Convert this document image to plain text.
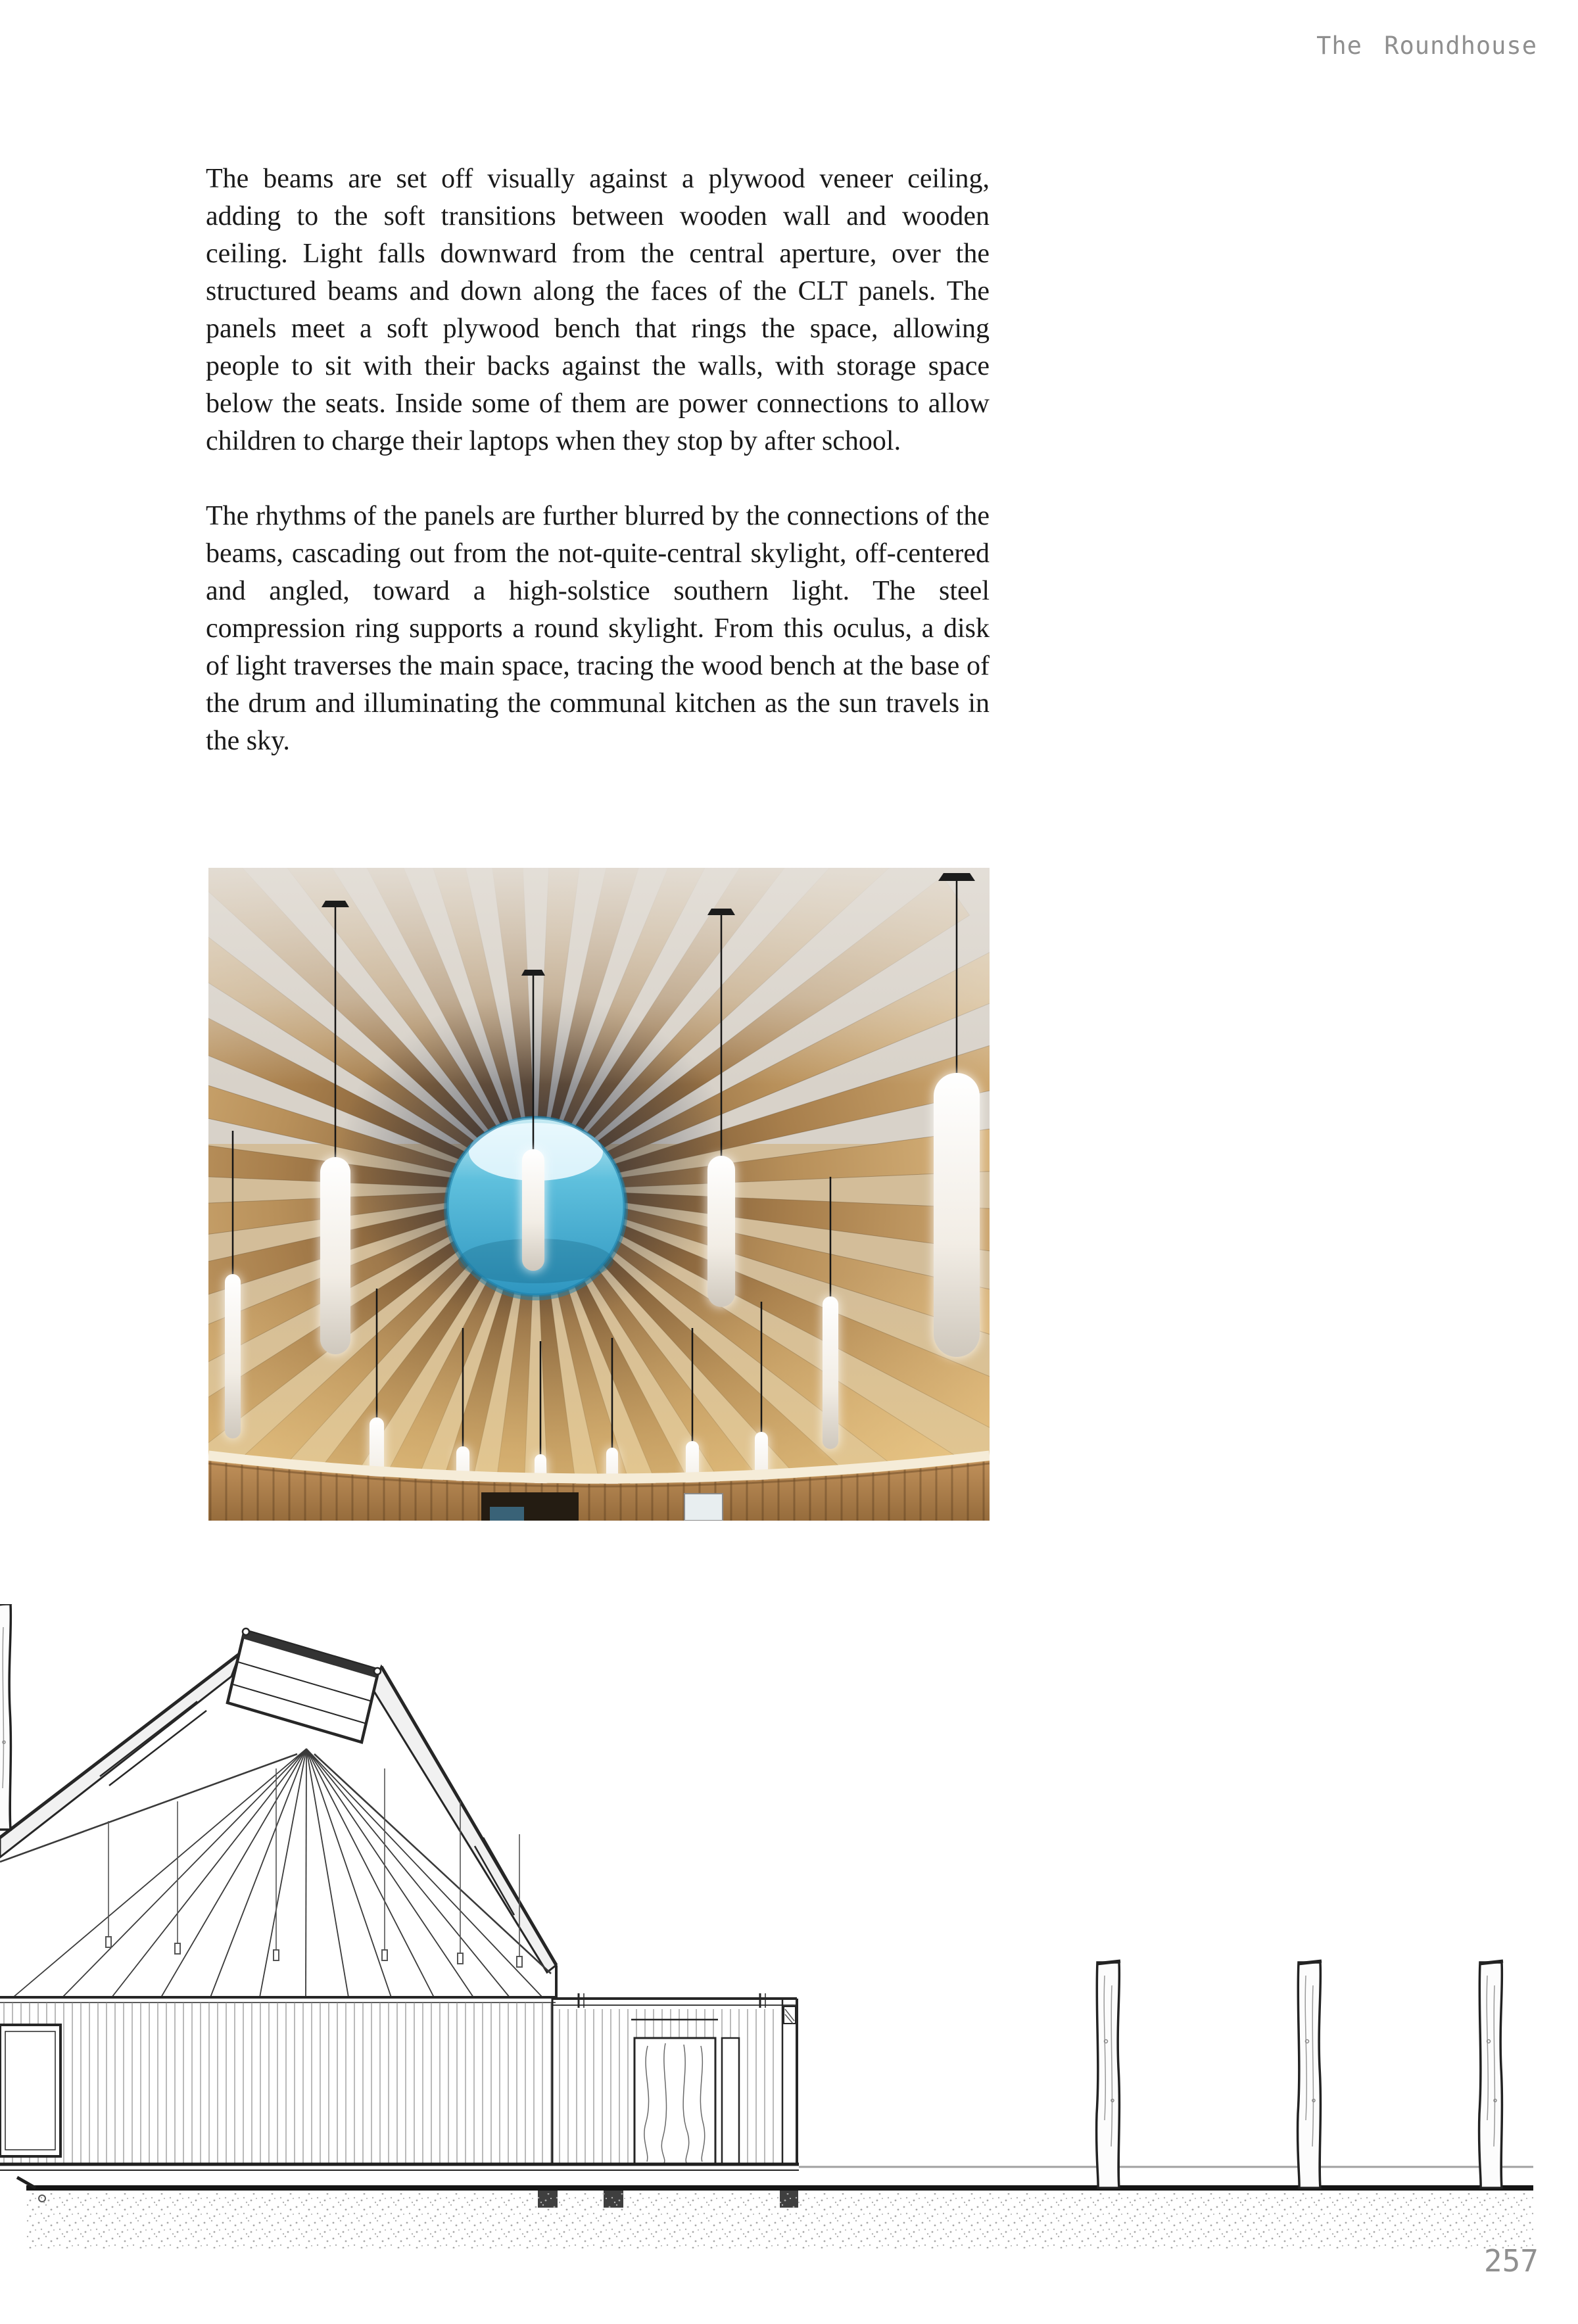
The Roundhouse

The beams are set off visually against a plywood veneer ceiling, adding to the soft transitions between wooden wall and wooden ceiling. Light falls downward from the central aperture, over the structured beams and down along the faces of the CLT panels. The panels meet a soft plywood bench that rings the space, allowing people to sit with their backs against the walls, with storage space below the seats. Inside some of them are power connections to allow children to charge their laptops when they stop by after school.

The rhythms of the panels are further blurred by the connections of the beams, cascading out from the not-quite-central skylight, off-centered and angled, toward a high-solstice southern light. The steel compression ring supports a round skylight. From this oculus, a disk of light traverses the main space, tracing the wood bench at the base of the drum and illuminating the communal kitchen as the sun travels in the sky.

257
